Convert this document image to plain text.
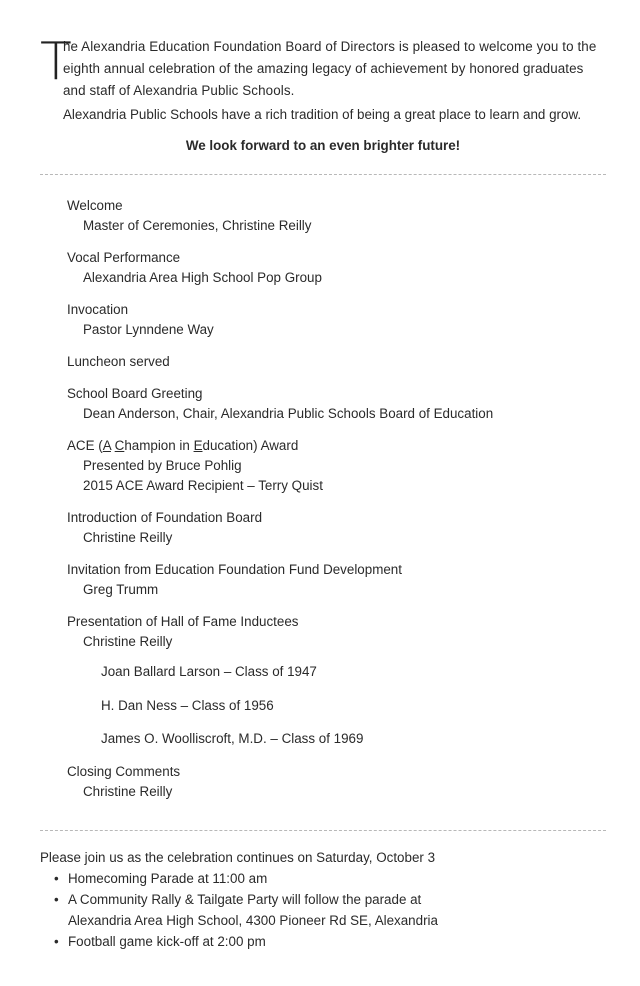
T
he Alexandria Education Foundation Board of Directors is pleased to welcome you to the eighth annual celebration of the amazing legacy of achievement by honored graduates and staff of Alexandria Public Schools.
Alexandria Public Schools have a rich tradition of being a great place to learn and grow.
We look forward to an even brighter future!
Welcome
Master of Ceremonies, Christine Reilly
Vocal Performance
Alexandria Area High School Pop Group
Invocation
Pastor Lynndene Way
Luncheon served
School Board Greeting
Dean Anderson, Chair, Alexandria Public Schools Board of Education
ACE (A Champion in Education) Award
Presented by Bruce Pohlig
2015 ACE Award Recipient – Terry Quist
Introduction of Foundation Board
Christine Reilly
Invitation from Education Foundation Fund Development
Greg Trumm
Presentation of Hall of Fame Inductees
Christine Reilly
Joan Ballard Larson – Class of 1947
H. Dan Ness – Class of 1956
James O. Woolliscroft, M.D. – Class of 1969
Closing Comments
Christine Reilly
Please join us as the celebration continues on Saturday, October 3
• Homecoming Parade at 11:00 am
• A Community Rally & Tailgate Party will follow the parade at
Alexandria Area High School, 4300 Pioneer Rd SE, Alexandria
• Football game kick-off at 2:00 pm
